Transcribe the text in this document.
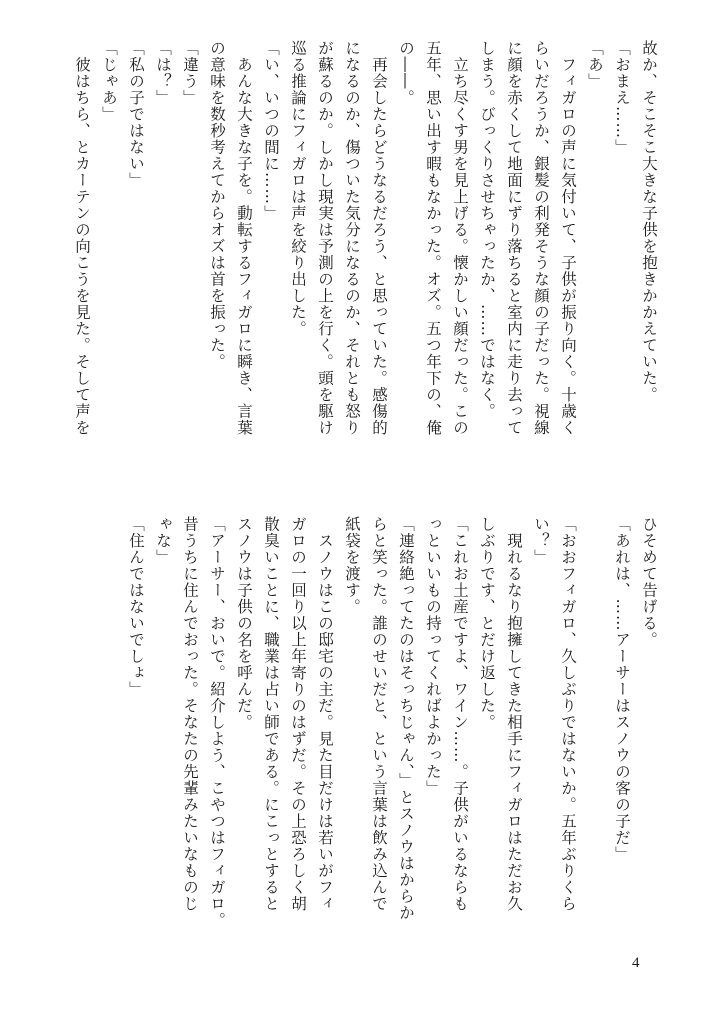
故か、そこそこ大きな子供を抱きかかえていた。
「おまえ……」
「あ」
　フィガロの声に気付いて、子供が振り向く。十歳く
らいだろうか、銀髪の利発そうな顔の子だった。視線
に顔を赤くして地面にずり落ちると室内に走り去って
しまう。びっくりさせちゃったか、……ではなく。
　立ち尽くす男を見上げる。懐かしい顔だった。この
五年、思い出す暇もなかった。オズ。五つ年下の、俺
の――。
　再会したらどうなるだろう、と思っていた。感傷的
になるのか、傷ついた気分になるのか、それとも怒り
が蘇るのか。しかし現実は予測の上を行く。頭を駆け
巡る推論にフィガロは声を絞り出した。
「い、いつの間に……」
　あんな大きな子を。動転するフィガロに瞬き、言葉
の意味を数秒考えてからオズは首を振った。
「違う」
「は？」
「私の子ではない」
「じゃあ」
　彼はちら、とカーテンの向こうを見た。そして声を
ひそめて告げる。
「あれは、……アーサーはスノウの客の子だ」

「おおフィガロ、久しぶりではないか。五年ぶりくら
い？」
　現れるなり抱擁してきた相手にフィガロはただお久
しぶりです、とだけ返した。
「これお土産ですよ、ワイン……。子供がいるならも
っといいもの持ってくればよかった」
「連絡絶ってたのはそっちじゃん、」とスノウはからか
らと笑った。誰のせいだと、という言葉は飲み込んで
紙袋を渡す。
　スノウはこの邸宅の主だ。見た目だけは若いがフィ
ガロの一回り以上年寄りのはずだ。その上恐ろしく胡
散臭いことに、職業は占い師である。にこっとすると
スノウは子供の名を呼んだ。
「アーサー、おいで。紹介しよう、こやつはフィガロ。
昔うちに住んでおった。そなたの先輩みたいなものじ
ゃな」
「住んではないでしょ」
4
